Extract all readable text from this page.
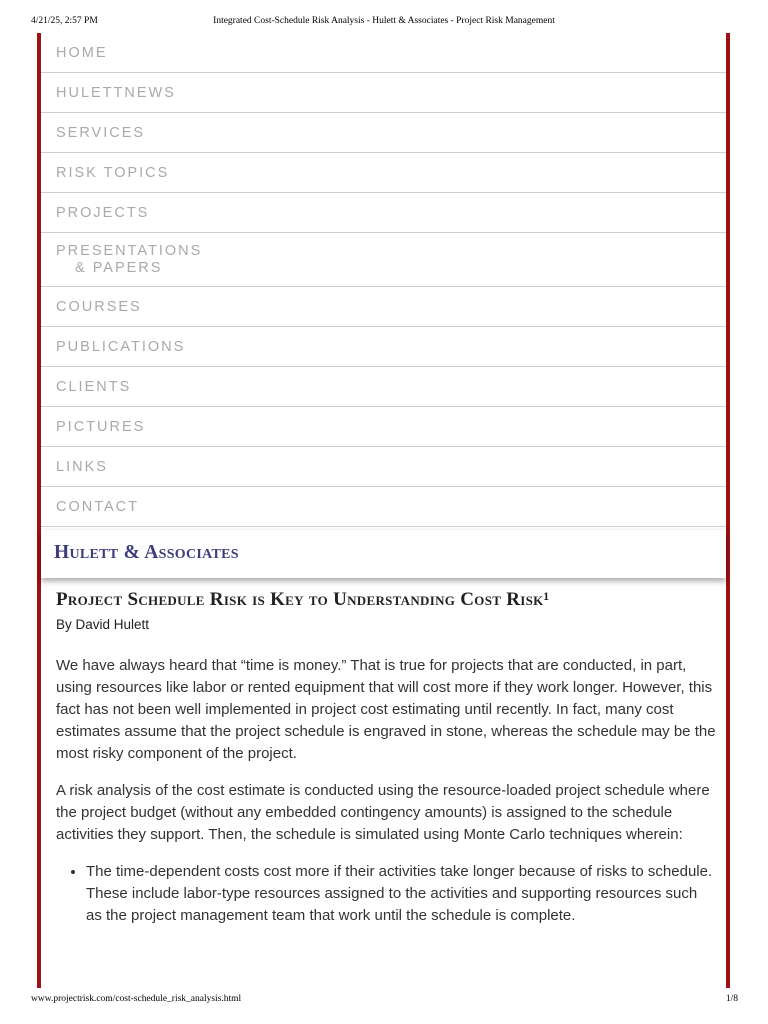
4/21/25, 2:57 PM	Integrated Cost-Schedule Risk Analysis - Hulett & Associates - Project Risk Management
HOME
HULETTNEWS
SERVICES
RISK TOPICS
PROJECTS
PRESENTATIONS
& PAPERS
COURSES
PUBLICATIONS
CLIENTS
PICTURES
LINKS
CONTACT
Hulett & Associates
Project Schedule Risk is Key to Understanding Cost Risk¹

By David Hulett

We have always heard that “time is money.” That is true for projects that are conducted, in part, using resources like labor or rented equipment that will cost more if they work longer. However, this fact has not been well implemented in project cost estimating until recently. In fact, many cost estimates assume that the project schedule is engraved in stone, whereas the schedule may be the most risky component of the project.

A risk analysis of the cost estimate is conducted using the resource-loaded project schedule where the project budget (without any embedded contingency amounts) is assigned to the schedule activities they support. Then, the schedule is simulated using Monte Carlo techniques wherein:

• The time-dependent costs cost more if their activities take longer because of risks to schedule. These include labor-type resources assigned to the activities and supporting resources such as the project management team that work until the schedule is complete.
www.projectrisk.com/cost-schedule_risk_analysis.html	1/8
